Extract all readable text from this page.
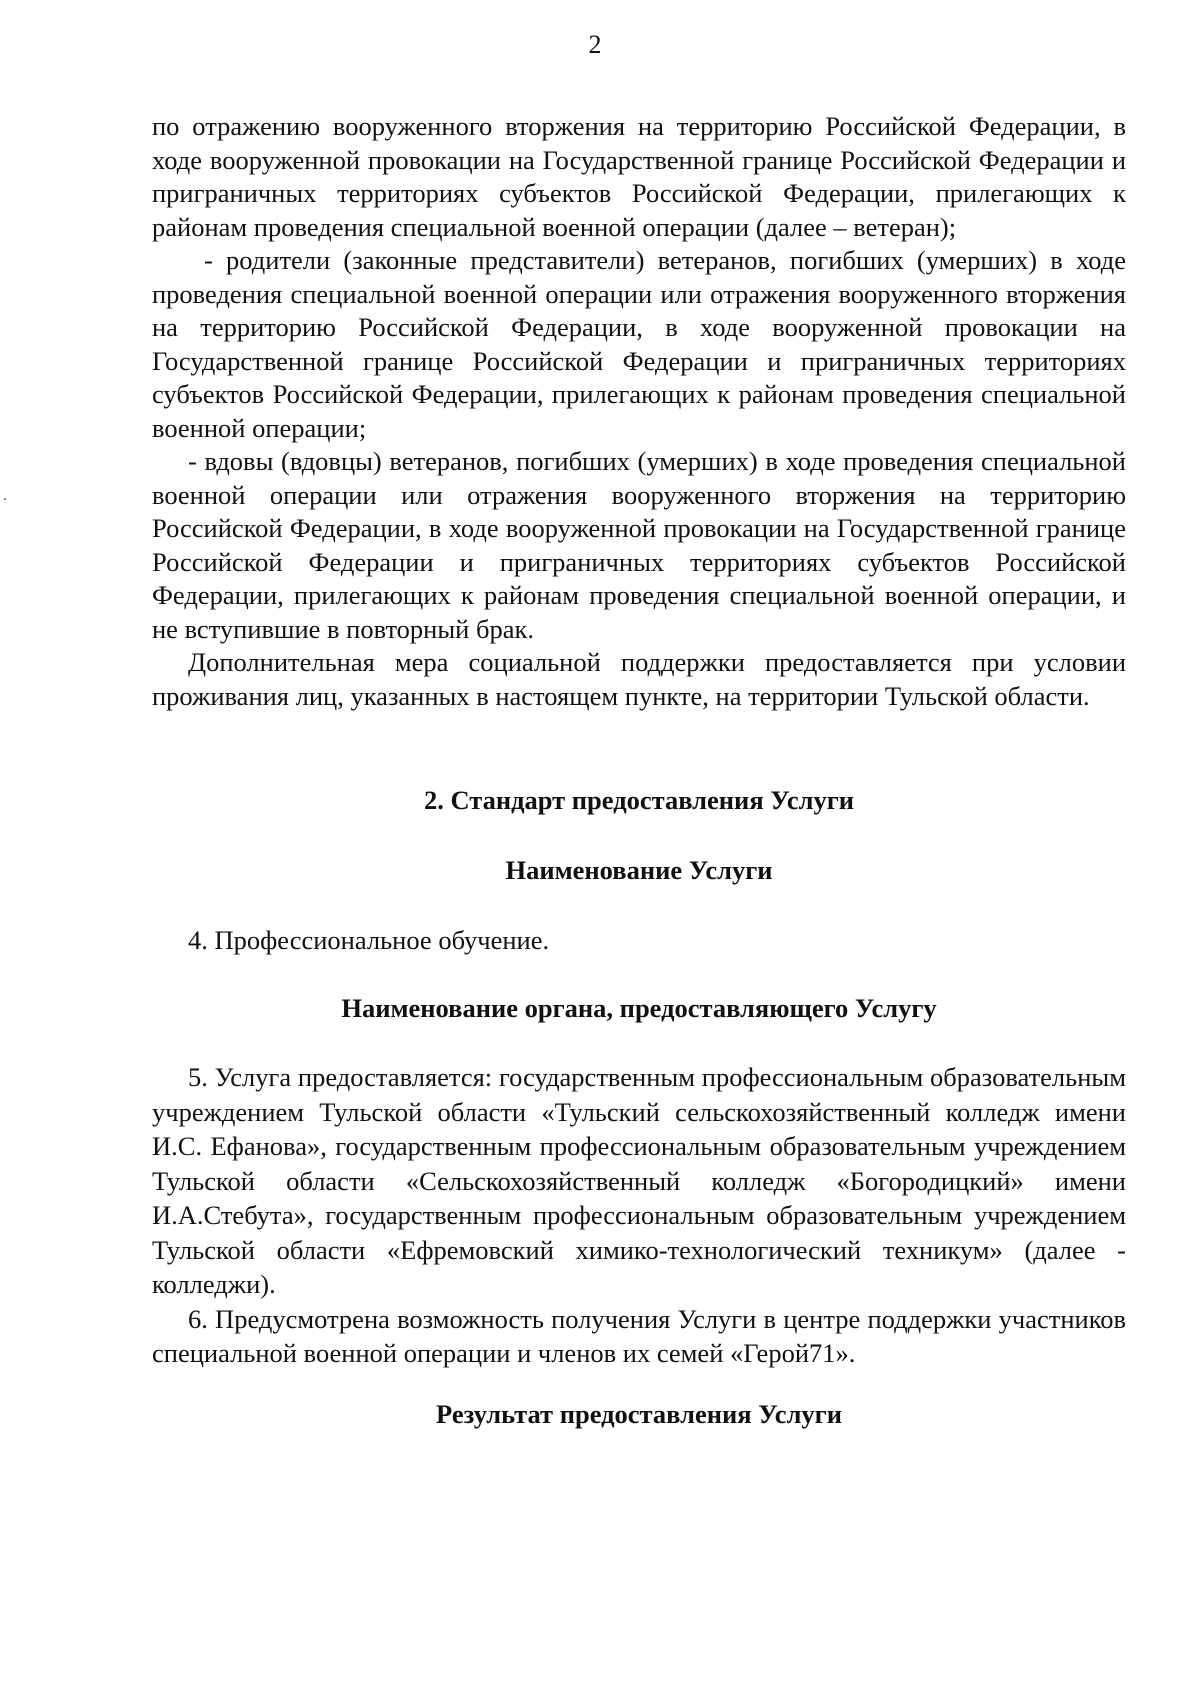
2

по отражению вооруженного вторжения на территорию Российской Федерации, в ходе вооруженной провокации на Государственной границе Российской Федерации и приграничных территориях субъектов Российской Федерации, прилегающих к районам проведения специальной военной операции (далее – ветеран);

- родители (законные представители) ветеранов, погибших (умерших) в ходе проведения специальной военной операции или отражения вооруженного вторжения на территорию Российской Федерации, в ходе вооруженной провокации на Государственной границе Российской Федерации и приграничных территориях субъектов Российской Федерации, прилегающих к районам проведения специальной военной операции;

- вдовы (вдовцы) ветеранов, погибших (умерших) в ходе проведения специальной военной операции или отражения вооруженного вторжения на территорию Российской Федерации, в ходе вооруженной провокации на Государственной границе Российской Федерации и приграничных территориях субъектов Российской Федерации, прилегающих к районам проведения специальной военной операции, и не вступившие в повторный брак.

Дополнительная мера социальной поддержки предоставляется при условии проживания лиц, указанных в настоящем пункте, на территории Тульской области.

2. Стандарт предоставления Услуги
Наименование Услуги

4. Профессиональное обучение.

Наименование органа, предоставляющего Услугу

5. Услуга предоставляется: государственным профессиональным образовательным учреждением Тульской области «Тульский сельскохозяйственный колледж имени И.С. Ефанова», государственным профессиональным образовательным учреждением Тульской области «Сельскохозяйственный колледж «Богородицкий» имени И.А.Стебута», государственным профессиональным образовательным учреждением Тульской области «Ефремовский химико-технологический техникум» (далее - колледжи).

6. Предусмотрена возможность получения Услуги в центре поддержки участников специальной военной операции и членов их семей «Герой71».

Результат предоставления Услуги
